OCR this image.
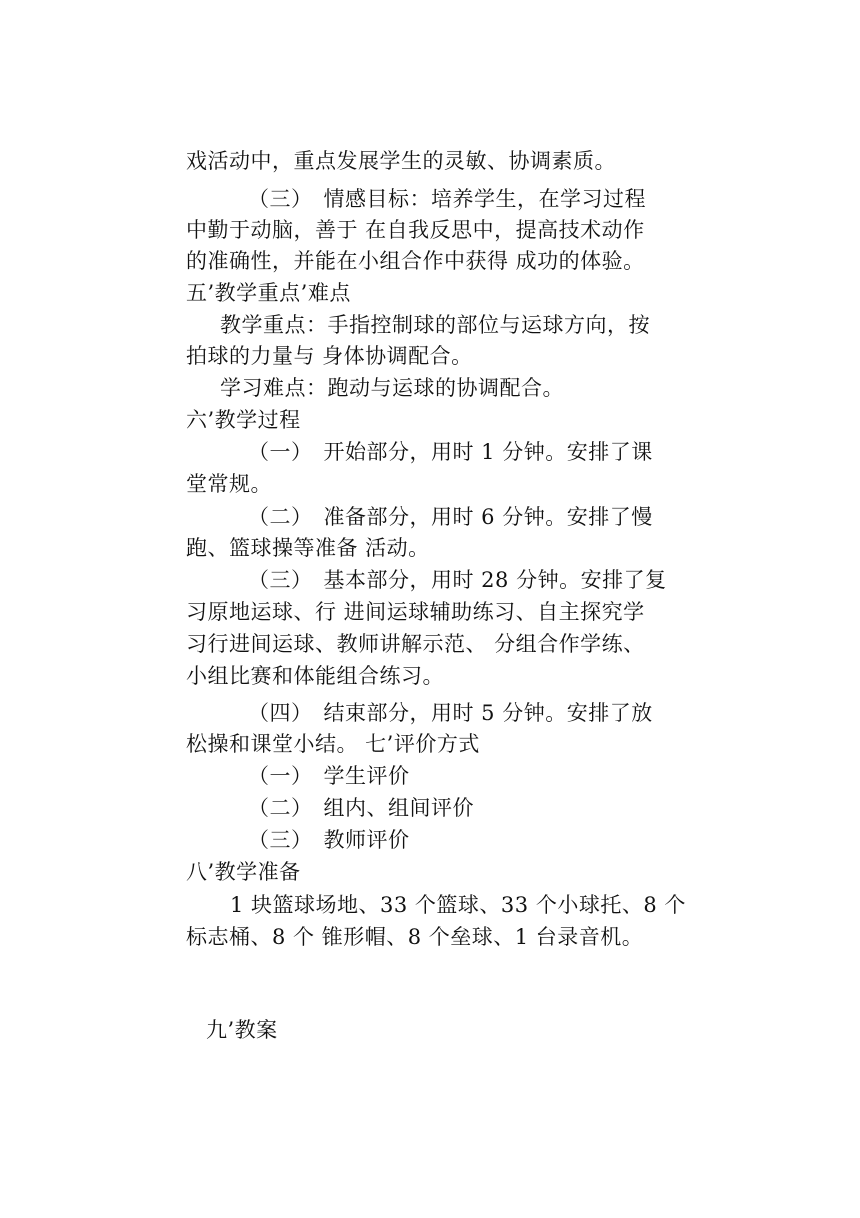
戏活动中，重点发展学生的灵敏、协调素质。
（三）　情感目标：培养学生，在学习过程
中勤于动脑，善于 在自我反思中，提高技术动作
的准确性，并能在小组合作中获得 成功的体验。
五’教学重点’难点
教学重点：手指控制球的部位与运球方向，按
拍球的力量与 身体协调配合。
学习难点：跑动与运球的协调配合。
六’教学过程
（一）　开始部分，用时 1 分钟。安排了课
堂常规。
（二）　准备部分，用时 6 分钟。安排了慢
跑、篮球操等准备 活动。
（三）　基本部分，用时 28 分钟。安排了复
习原地运球、行 进间运球辅助练习、自主探究学
习行进间运球、教师讲解示范、 分组合作学练、
小组比赛和体能组合练习。
（四）　结束部分，用时 5 分钟。安排了放
松操和课堂小结。 七’评价方式
（一）　学生评价
（二）　组内、组间评价
（三）　教师评价
八’教学准备
1 块篮球场地、33 个篮球、33 个小球托、8 个
标志桶、8 个 锥形帽、8 个垒球、1 台录音机。
九’教案
